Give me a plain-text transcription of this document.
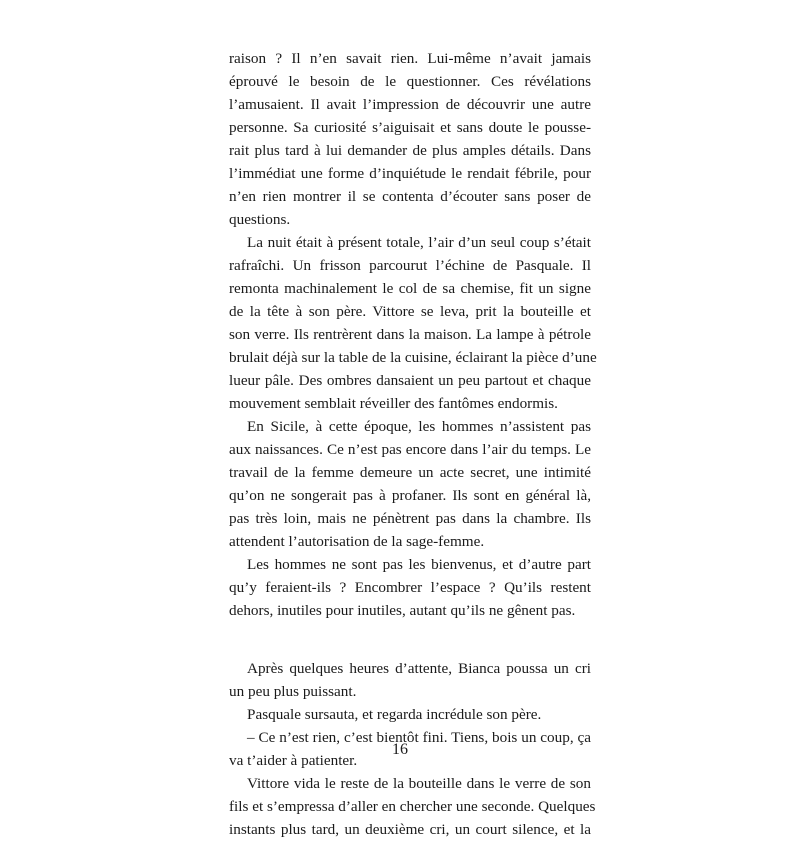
raison ? Il n’en savait rien. Lui-même n’avait jamais
éprouvé le besoin de le questionner. Ces révélations
l’amusaient. Il avait l’impression de découvrir une autre
personne. Sa curiosité s’aiguisait et sans doute le pousse-
rait plus tard à lui demander de plus amples détails. Dans
l’immédiat une forme d’inquiétude le rendait fébrile, pour
n’en rien montrer il se contenta d’écouter sans poser de
questions.
La nuit était à présent totale, l’air d’un seul coup s’était
rafraîchi. Un frisson parcourut l’échine de Pasquale. Il
remonta machinalement le col de sa chemise, fit un signe
de la tête à son père. Vittore se leva, prit la bouteille et
son verre. Ils rentrèrent dans la maison. La lampe à pétrole
brulait déjà sur la table de la cuisine, éclairant la pièce d’une
lueur pâle. Des ombres dansaient un peu partout et chaque
mouvement semblait réveiller des fantômes endormis.
En Sicile, à cette époque, les hommes n’assistent pas
aux naissances. Ce n’est pas encore dans l’air du temps. Le
travail de la femme demeure un acte secret, une intimité
qu’on ne songerait pas à profaner. Ils sont en général là,
pas très loin, mais ne pénètrent pas dans la chambre. Ils
attendent l’autorisation de la sage-femme.
Les hommes ne sont pas les bienvenus, et d’autre part
qu’y feraient-ils ? Encombrer l’espace ? Qu’ils restent
dehors, inutiles pour inutiles, autant qu’ils ne gênent pas.
Après quelques heures d’attente, Bianca poussa un cri
un peu plus puissant.
Pasquale sursauta, et regarda incrédule son père.
– Ce n’est rien, c’est bientôt fini. Tiens, bois un coup, ça
va t’aider à patienter.
Vittore vida le reste de la bouteille dans le verre de son
fils et s’empressa d’aller en chercher une seconde. Quelques
instants plus tard, un deuxième cri, un court silence, et la
16
